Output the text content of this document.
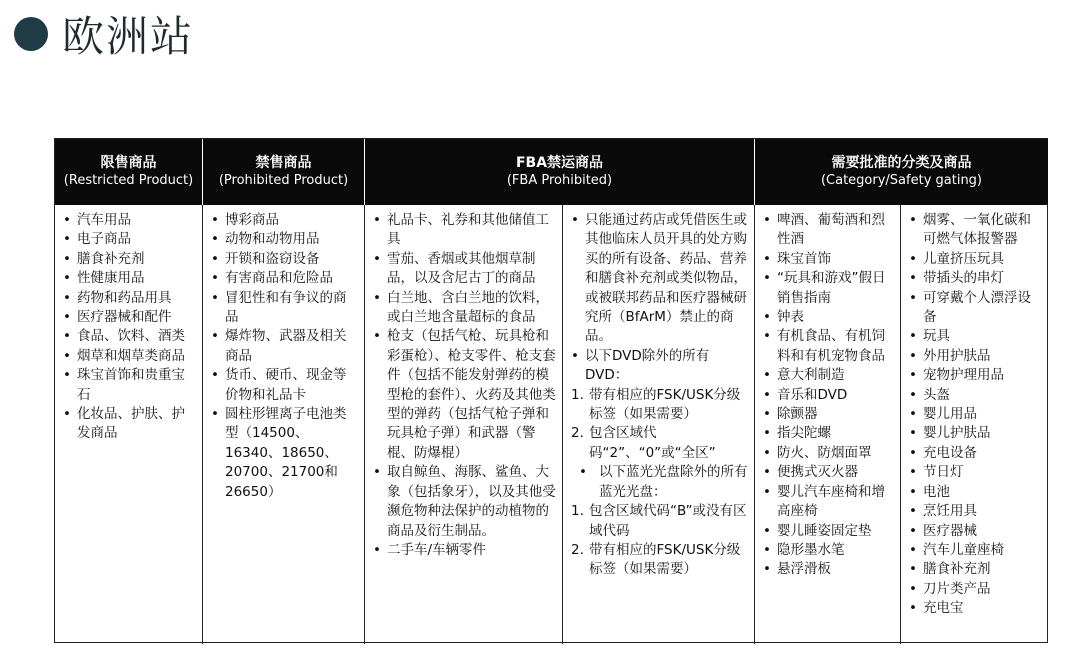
欧洲站
限售商品
(Restricted Product)
禁售商品
(Prohibited Product)
FBA禁运商品
(FBA Prohibited)
需要批准的分类及商品
(Category/Safety gating)
• 汽车用品
• 电子商品
• 膳食补充剂
• 性健康用品
• 药物和药品用具
• 医疗器械和配件
• 食品、饮料、酒类
• 烟草和烟草类商品
• 珠宝首饰和贵重宝石
• 化妆品、护肤、护发商品
• 博彩商品
• 动物和动物用品
• 开锁和盗窃设备
• 有害商品和危险品
• 冒犯性和有争议的商品
• 爆炸物、武器及相关商品
• 货币、硬币、现金等价物和礼品卡
• 圆柱形锂离子电池类型（14500、16340、18650、20700、21700和26650）
• 礼品卡、礼券和其他储值工具
• 雪茄、香烟或其他烟草制品，以及含尼古丁的商品
• 白兰地、含白兰地的饮料，或白兰地含量超标的食品
• 枪支（包括气枪、玩具枪和彩蛋枪）、枪支零件、枪支套件（包括不能发射弹药的模型枪的套件）、火药及其他类型的弹药（包括气枪子弹和玩具枪子弹）和武器（警棍、防爆棍）
• 取自鲸鱼、海豚、鲨鱼、大象（包括象牙），以及其他受濒危物种法保护的动植物的商品及衍生制品。
• 二手车/车辆零件
• 只能通过药店或凭借医生或其他临床人员开具的处方购买的所有设备、药品、营养和膳食补充剂或类似物品，或被联邦药品和医疗器械研究所（BfArM）禁止的商品。
• 以下DVD除外的所有DVD：
1. 带有相应的FSK/USK分级标签（如果需要）
2. 包含区域代码“2”、“0”或“全区”
• 以下蓝光光盘除外的所有蓝光光盘：
1. 包含区域代码“B”或没有区域代码
2. 带有相应的FSK/USK分级标签（如果需要）
• 啤酒、葡萄酒和烈性酒
• 珠宝首饰
• “玩具和游戏”假日销售指南
• 钟表
• 有机食品、有机饲料和有机宠物食品
• 意大利制造
• 音乐和DVD
• 除颤器
• 指尖陀螺
• 防火、防烟面罩
• 便携式灭火器
• 婴儿汽车座椅和增高座椅
• 婴儿睡姿固定垫
• 隐形墨水笔
• 悬浮滑板
• 烟雾、一氧化碳和可燃气体报警器
• 儿童挤压玩具
• 带插头的串灯
• 可穿戴个人漂浮设备
• 玩具
• 外用护肤品
• 宠物护理用品
• 头盔
• 婴儿用品
• 婴儿护肤品
• 充电设备
• 节日灯
• 电池
• 烹饪用具
• 医疗器械
• 汽车儿童座椅
• 膳食补充剂
• 刀片类产品
• 充电宝
